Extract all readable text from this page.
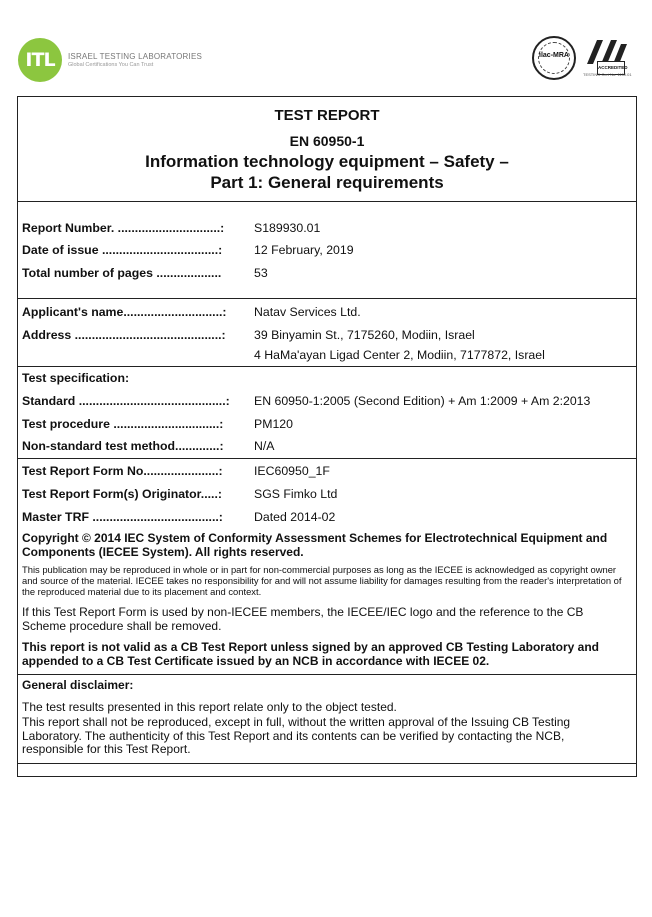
ITL	ISRAEL TESTING LABORATORIES
Global Certifications You Can Trust
ilac-MRA
ACCREDITED
TESTING Cert No. 1150.01
TEST REPORT
EN 60950-1
Information technology equipment – Safety –
Part 1: General requirements
Report Number. ..............................:	S189930.01
Date of issue ..................................:	12 February, 2019
Total number of pages ...................	53
Applicant's name.............................:	Natav Services Ltd.
Address ...........................................:	39 Binyamin St., 7175260, Modiin, Israel
4 HaMa'ayan Ligad Center 2, Modiin, 7177872, Israel
Test specification:
Standard ...........................................:	EN 60950-1:2005 (Second Edition) + Am 1:2009 + Am 2:2013
Test procedure ...............................:	PM120
Non-standard test method.............:	N/A
Test Report Form No......................:	IEC60950_1F
Test Report Form(s) Originator.....:	SGS Fimko Ltd
Master TRF .....................................:	Dated 2014-02
Copyright © 2014 IEC System of Conformity Assessment Schemes for Electrotechnical Equipment and Components (IECEE System). All rights reserved.
This publication may be reproduced in whole or in part for non-commercial purposes as long as the IECEE is acknowledged as copyright owner and source of the material. IECEE takes no responsibility for and will not assume liability for damages resulting from the reader's interpretation of the reproduced material due to its placement and context.
If this Test Report Form is used by non-IECEE members, the IECEE/IEC logo and the reference to the CB Scheme procedure shall be removed.
This report is not valid as a CB Test Report unless signed by an approved CB Testing Laboratory and appended to a CB Test Certificate issued by an NCB in accordance with IECEE 02.
General disclaimer:
The test results presented in this report relate only to the object tested.
This report shall not be reproduced, except in full, without the written approval of the Issuing CB Testing Laboratory. The authenticity of this Test Report and its contents can be verified by contacting the NCB, responsible for this Test Report.
